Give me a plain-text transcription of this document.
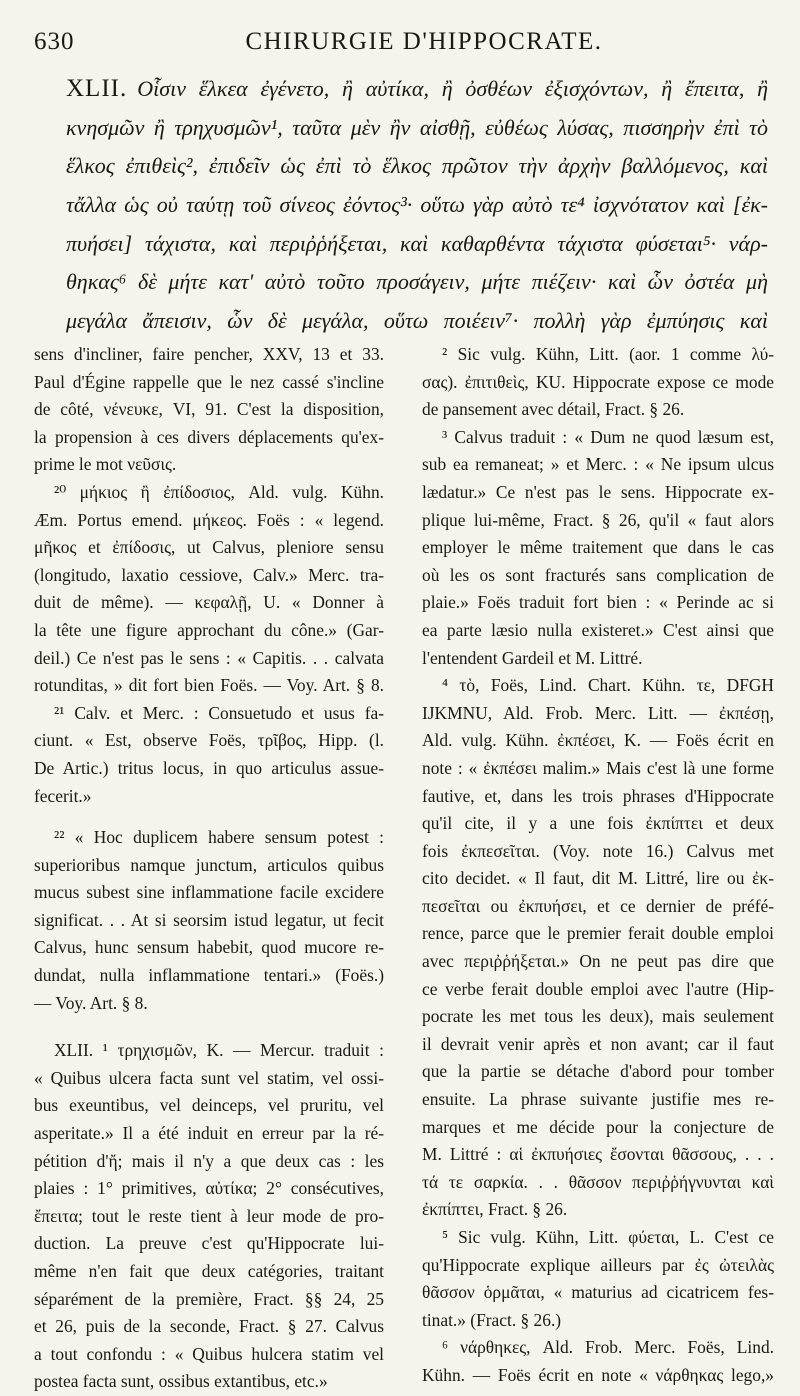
630	CHIRURGIE D'HIPPOCRATE.
XLII. Οἷσιν ἕλκεα ἐγένετο, ἢ αὐτίκα, ἢ ὀσθέων ἐξισχόντων, ἢ ἔπειτα, ἢ
κνησμῶν ἢ τρηχυσμῶν¹, ταῦτα μὲν ἢν αἰσθῇ, εὐθέως λύσας, πισσηρὴν ἐπὶ τὸ
ἕλκος ἐπιθεὶς², ἐπιδεῖν ὡς ἐπὶ τὸ ἕλκος πρῶτον τὴν ἀρχὴν βαλλόμενος, καὶ
τἄλλα ὡς οὐ ταύτῃ τοῦ σίνεος ἐόντος³· οὕτω γὰρ αὐτὸ τε⁴ ἰσχνότατον καὶ [ἐκ-
πυήσει] τάχιστα, καὶ περιῤῥήξεται, καὶ καθαρθέντα τάχιστα φύσεται⁵· νάρ-
θηκας⁶ δὲ μήτε κατ' αὐτὸ τοῦτο προσάγειν, μήτε πιέζειν· καὶ ὧν ὀστέα μὴ
μεγάλα ἄπεισιν, ὧν δὲ μεγάλα, οὕτω ποιέειν⁷· πολλὴ γὰρ ἐμπύησις καὶ
sens d'incliner, faire pencher, XXV, 13 et 33.
Paul d'Égine rappelle que le nez cassé s'incline
de côté, νένευκε, VI, 91. C'est la disposition,
la propension à ces divers déplacements qu'ex-
prime le mot νεῦσις.
²⁰ μήκιος ἢ ἐπίδοσιος, Ald. vulg. Kühn.
Æm. Portus emend. μήκεος. Foës : « legend.
μῆκος et ἐπίδοσις, ut Calvus, pleniore sensu
(longitudo, laxatio cessiove, Calv.» Merc. tra-
duit de même). — κεφαλῇ, U. « Donner à
la tête une figure approchant du cône.» (Gar-
deil.) Ce n'est pas le sens : « Capitis. . . calvata
rotunditas, » dit fort bien Foës. — Voy. Art. § 8.
²¹ Calv. et Merc. : Consuetudo et usus fa-
ciunt. « Est, observe Foës, τρῖβος, Hipp. (l.
De Artic.) tritus locus, in quo articulus assue-
fecerit.»
²² « Hoc duplicem habere sensum potest :
superioribus namque junctum, articulos quibus
mucus subest sine inflammatione facile excidere
significat. . . At si seorsim istud legatur, ut fecit
Calvus, hunc sensum habebit, quod mucore re-
dundat, nulla inflammatione tentari.» (Foës.)
— Voy. Art. § 8.
XLII. ¹ τρηχισμῶν, K. — Mercur. traduit :
« Quibus ulcera facta sunt vel statim, vel ossi-
bus exeuntibus, vel deinceps, vel pruritu, vel
asperitate.» Il a été induit en erreur par la ré-
pétition d'ἤ; mais il n'y a que deux cas : les
plaies : 1° primitives, αὐτίκα; 2° consécutives,
ἔπειτα; tout le reste tient à leur mode de pro-
duction. La preuve c'est qu'Hippocrate lui-
même n'en fait que deux catégories, traitant
séparément de la première, Fract. §§ 24, 25
et 26, puis de la seconde, Fract. § 27. Calvus
a tout confondu : « Quibus hulcera statim vel
postea facta sunt, ossibus extantibus, etc.»
² Sic vulg. Kühn, Litt. (aor. 1 comme λύ-
σας). ἐπιτιθεὶς, KU. Hippocrate expose ce mode
de pansement avec détail, Fract. § 26.
³ Calvus traduit : « Dum ne quod læsum est,
sub ea remaneat; » et Merc. : « Ne ipsum ulcus
lædatur.» Ce n'est pas le sens. Hippocrate ex-
plique lui-même, Fract. § 26, qu'il « faut alors
employer le même traitement que dans le cas
où les os sont fracturés sans complication de
plaie.» Foës traduit fort bien : « Perinde ac si
ea parte læsio nulla existeret.» C'est ainsi que
l'entendent Gardeil et M. Littré.
⁴ τὸ, Foës, Lind. Chart. Kühn. τε, DFGH
IJKMNU, Ald. Frob. Merc. Litt. — ἐκπέσῃ,
Ald. vulg. Kühn. ἐκπέσει, K. — Foës écrit en
note : « ἐκπέσει malim.» Mais c'est là une forme
fautive, et, dans les trois phrases d'Hippocrate
qu'il cite, il y a une fois ἐκπίπτει et deux
fois ἐκπεσεῖται. (Voy. note 16.) Calvus met
cito decidet. « Il faut, dit M. Littré, lire ou ἐκ-
πεσεῖται ou ἐκπυήσει, et ce dernier de préfé-
rence, parce que le premier ferait double emploi
avec περιῤῥήξεται.» On ne peut pas dire que
ce verbe ferait double emploi avec l'autre (Hip-
pocrate les met tous les deux), mais seulement
il devrait venir après et non avant; car il faut
que la partie se détache d'abord pour tomber
ensuite. La phrase suivante justifie mes re-
marques et me décide pour la conjecture de
M. Littré : αἱ ἐκπυήσιες ἔσονται θᾶσσους, . . .
τά τε σαρκία. . . θᾶσσον περιῤῥήγνυνται καὶ
ἐκπίπτει, Fract. § 26.
⁵ Sic vulg. Kühn, Litt. φύεται, L. C'est ce
qu'Hippocrate explique ailleurs par ἐς ὠτειλὰς
θᾶσσον ὁρμᾶται, « maturius ad cicatricem fes-
tinat.» (Fract. § 26.)
⁶ νάρθηκες, Ald. Frob. Merc. Foës, Lind.
Kühn. — Foës écrit en note « νάρθηκας lego,»
